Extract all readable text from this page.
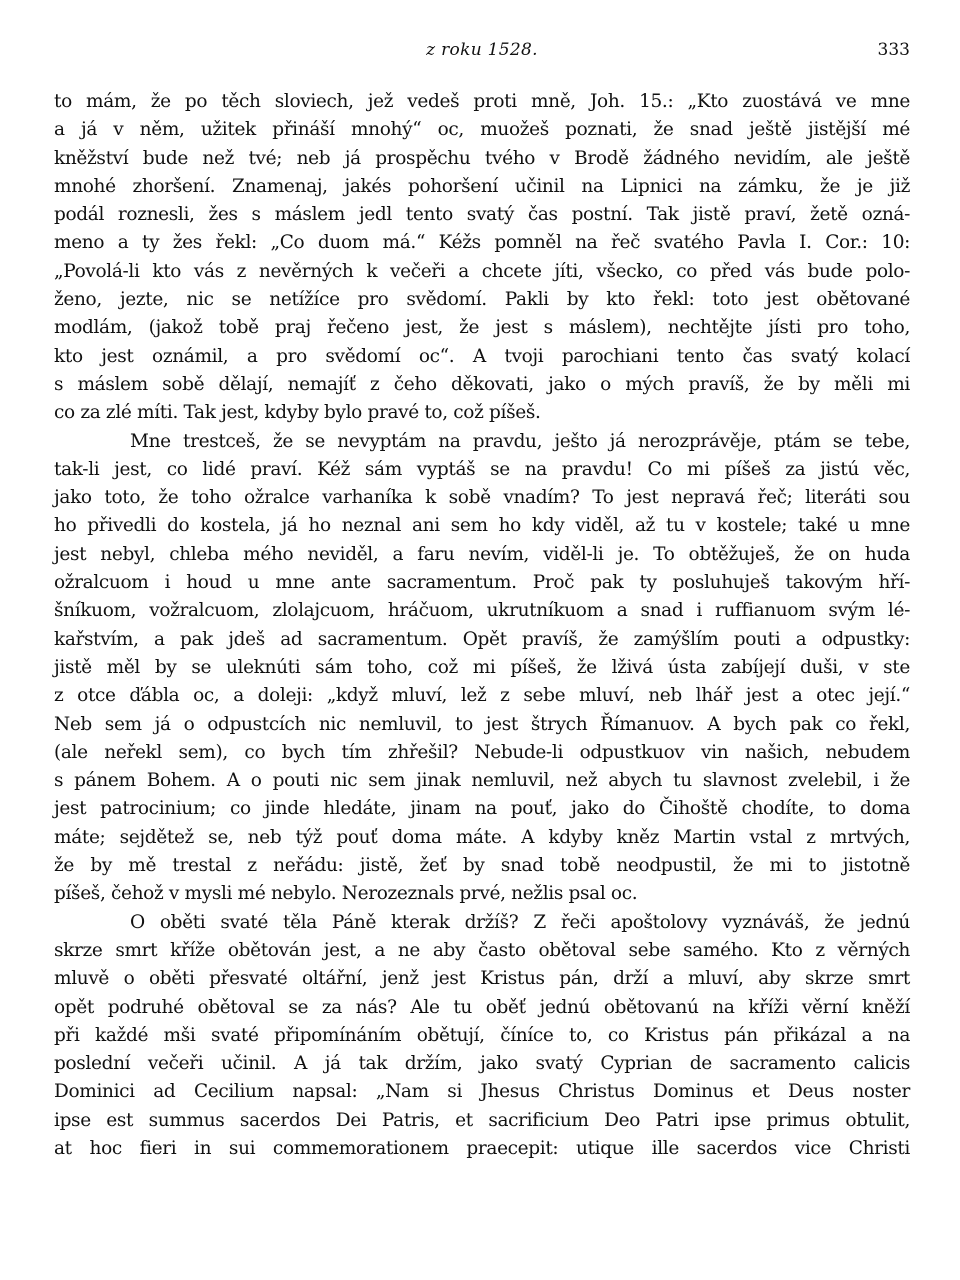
z roku 1528.	333
to mám, že po těch sloviech, jež vedeš proti mně, Joh. 15.: „Kto zuostává ve mne
a já v něm, užitek přináší mnohý“ oc, muožeš poznati, že snad ještě jistější mé
kněžství bude než tvé; neb já prospěchu tvého v Brodě žádného nevidím, ale ještě
mnohé zhoršení. Znamenaj, jakés pohoršení učinil na Lipnici na zámku, že je již
podál roznesli, žes s máslem jedl tento svatý čas postní. Tak jistě praví, žetě ozná-
meno a ty žes řekl: „Co duom má.“ Kéžs pomněl na řeč svatého Pavla I. Cor.: 10:
„Povolá-li kto vás z nevěrných k večeři a chcete jíti, všecko, co před vás bude polo-
ženo, jezte, nic se netížíce pro svědomí. Pakli by kto řekl: toto jest obětované
modlám, (jakož tobě praj řečeno jest, že jest s máslem), nechtějte jísti pro toho,
kto jest oznámil, a pro svědomí oc“. A tvoji parochiani tento čas svatý kolací
s máslem sobě dělají, nemajíť z čeho děkovati, jako o mých pravíš, že by měli mi
co za zlé míti. Tak jest, kdyby bylo pravé to, což píšeš.
Mne trestceš, že se nevyptám na pravdu, ješto já nerozprávěje, ptám se tebe,
tak-li jest, co lidé praví. Kéž sám vyptáš se na pravdu! Co mi píšeš za jistú věc,
jako toto, že toho ožralce varhaníka k sobě vnadím? To jest nepravá řeč; literáti sou
ho přivedli do kostela, já ho neznal ani sem ho kdy viděl, až tu v kostele; také u mne
jest nebyl, chleba mého neviděl, a faru nevím, viděl-li je. To obtěžuješ, že on huda
ožralcuom i houd u mne ante sacramentum. Proč pak ty posluhuješ takovým hří-
šníkuom, vožralcuom, zlolajcuom, hráčuom, ukrutníkuom a snad i ruffianuom svým lé-
kařstvím, a pak jdeš ad sacramentum. Opět pravíš, že zamýšlím pouti a odpustky:
jistě měl by se uleknúti sám toho, což mi píšeš, že lživá ústa zabíjejí duši, v ste
z otce ďábla oc, a doleji: „když mluví, lež z sebe mluví, neb lhář jest a otec její.“
Neb sem já o odpustcích nic nemluvil, to jest štrych Římanuov. A bych pak co řekl,
(ale neřekl sem), co bych tím zhřešil? Nebude-li odpustkuov vin našich, nebudem
s pánem Bohem. A o pouti nic sem jinak nemluvil, než abych tu slavnost zvelebil, i že
jest patrocinium; co jinde hledáte, jinam na pouť, jako do Čihoště chodíte, to doma
máte; sejdětež se, neb týž pouť doma máte. A kdyby kněz Martin vstal z mrtvých,
že by mě trestal z neřádu: jistě, žeť by snad tobě neodpustil, že mi to jistotně
píšeš, čehož v mysli mé nebylo. Nerozeznals prvé, nežlis psal oc.
O oběti svaté těla Páně kterak držíš? Z řeči apoštolovy vyznáváš, že jednú
skrze smrt kříže obětován jest, a ne aby často obětoval sebe samého. Kto z věrných
mluvě o oběti přesvaté oltářní, jenž jest Kristus pán, drží a mluví, aby skrze smrt
opět podruhé obětoval se za nás? Ale tu oběť jednú obětovanú na kříži věrní kněží
při každé mši svaté připomínáním obětují, číníce to, co Kristus pán přikázal a na
poslední večeři učinil. A já tak držím, jako svatý Cyprian de sacramento calicis
Dominici ad Cecilium napsal: „Nam si Jhesus Christus Dominus et Deus noster
ipse est summus sacerdos Dei Patris, et sacrificium Deo Patri ipse primus obtulit,
at hoc fieri in sui commemorationem praecepit: utique ille sacerdos vice Christi
